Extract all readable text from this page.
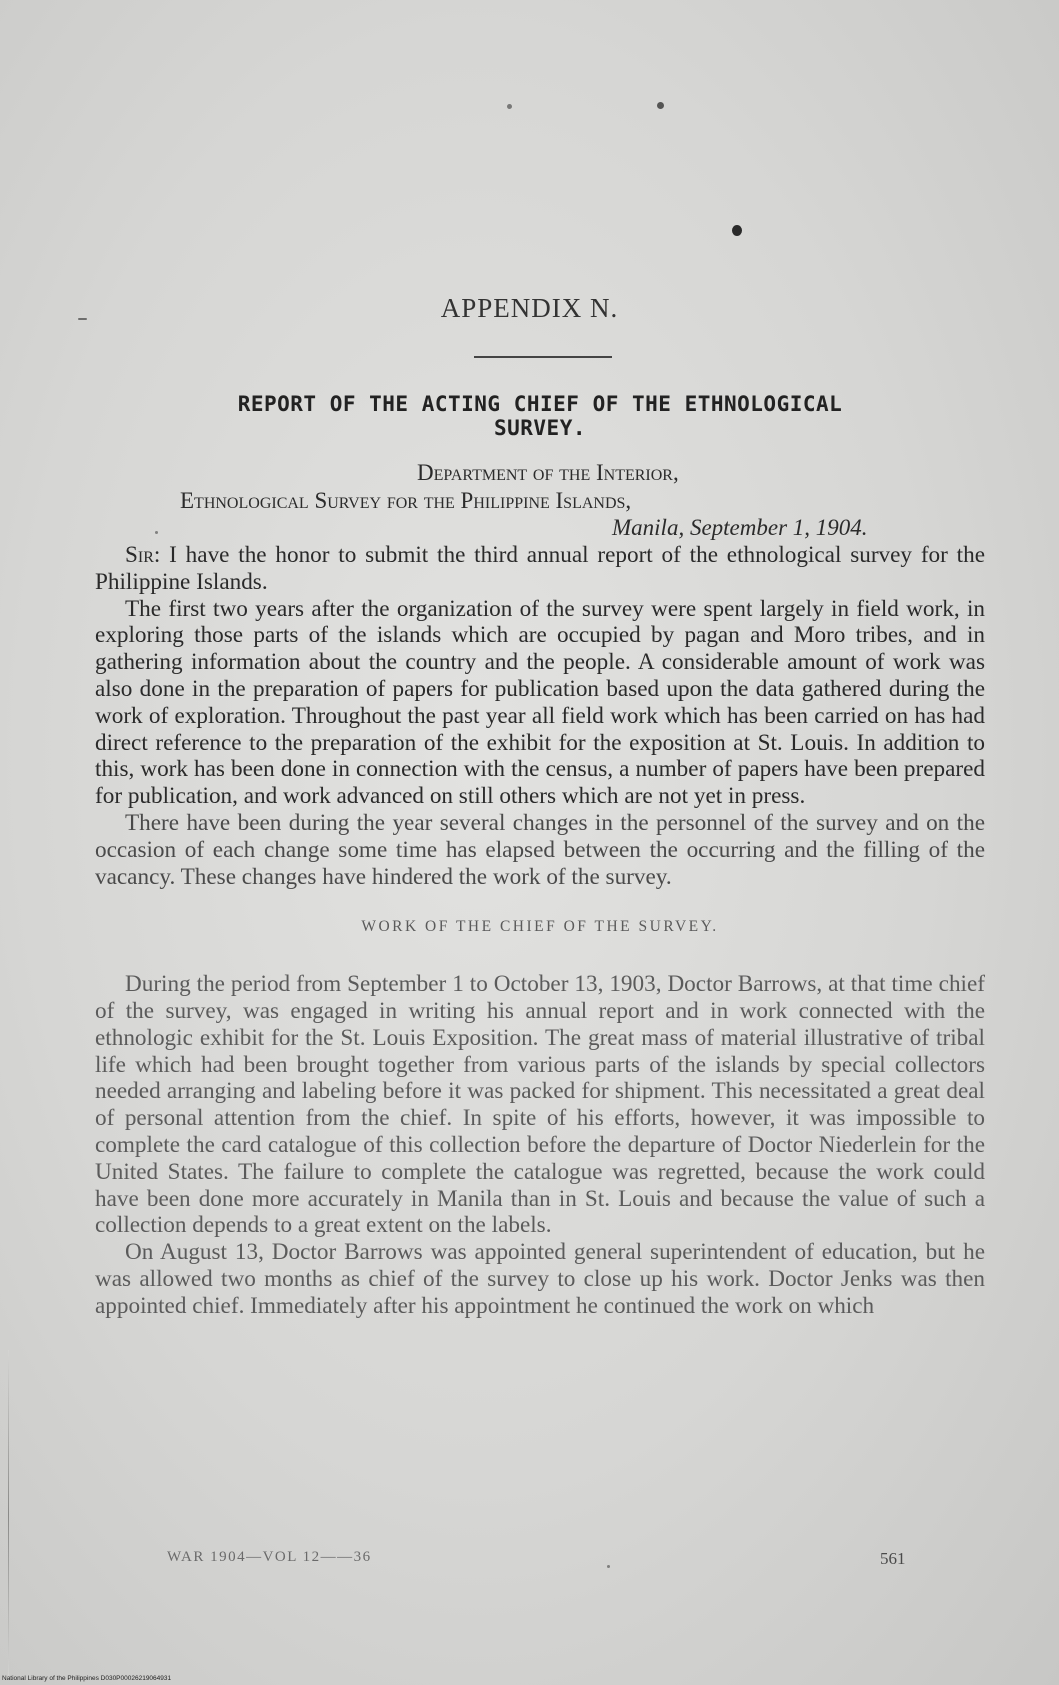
APPENDIX N.
REPORT OF THE ACTING CHIEF OF THE ETHNOLOGICAL
SURVEY.
Department of the Interior,
Ethnological Survey for the Philippine Islands,
Manila, September 1, 1904.

Sir: I have the honor to submit the third annual report of the ethnological survey for the Philippine Islands.

The first two years after the organization of the survey were spent largely in field work, in exploring those parts of the islands which are occupied by pagan and Moro tribes, and in gathering information about the country and the people. A considerable amount of work was also done in the preparation of papers for publication based upon the data gathered during the work of exploration. Throughout the past year all field work which has been carried on has had direct reference to the preparation of the exhibit for the exposition at St. Louis. In addition to this, work has been done in connection with the census, a number of papers have been prepared for publication, and work advanced on still others which are not yet in press.

There have been during the year several changes in the personnel of the survey and on the occasion of each change some time has elapsed between the occurring and the filling of the vacancy. These changes have hindered the work of the survey.

WORK OF THE CHIEF OF THE SURVEY.

During the period from September 1 to October 13, 1903, Doctor Barrows, at that time chief of the survey, was engaged in writing his annual report and in work connected with the ethnologic exhibit for the St. Louis Exposition. The great mass of material illustrative of tribal life which had been brought together from various parts of the islands by special collectors needed arranging and labeling before it was packed for shipment. This necessitated a great deal of personal attention from the chief. In spite of his efforts, however, it was impossible to complete the card catalogue of this collection before the departure of Doctor Niederlein for the United States. The failure to complete the catalogue was regretted, because the work could have been done more accurately in Manila than in St. Louis and because the value of such a collection depends to a great extent on the labels.

On August 13, Doctor Barrows was appointed general superintendent of education, but he was allowed two months as chief of the survey to close up his work. Doctor Jenks was then appointed chief. Immediately after his appointment he continued the work on which

WAR 1904—VOL 12——36	561
National Library of the Philippines D030P00026219064931
